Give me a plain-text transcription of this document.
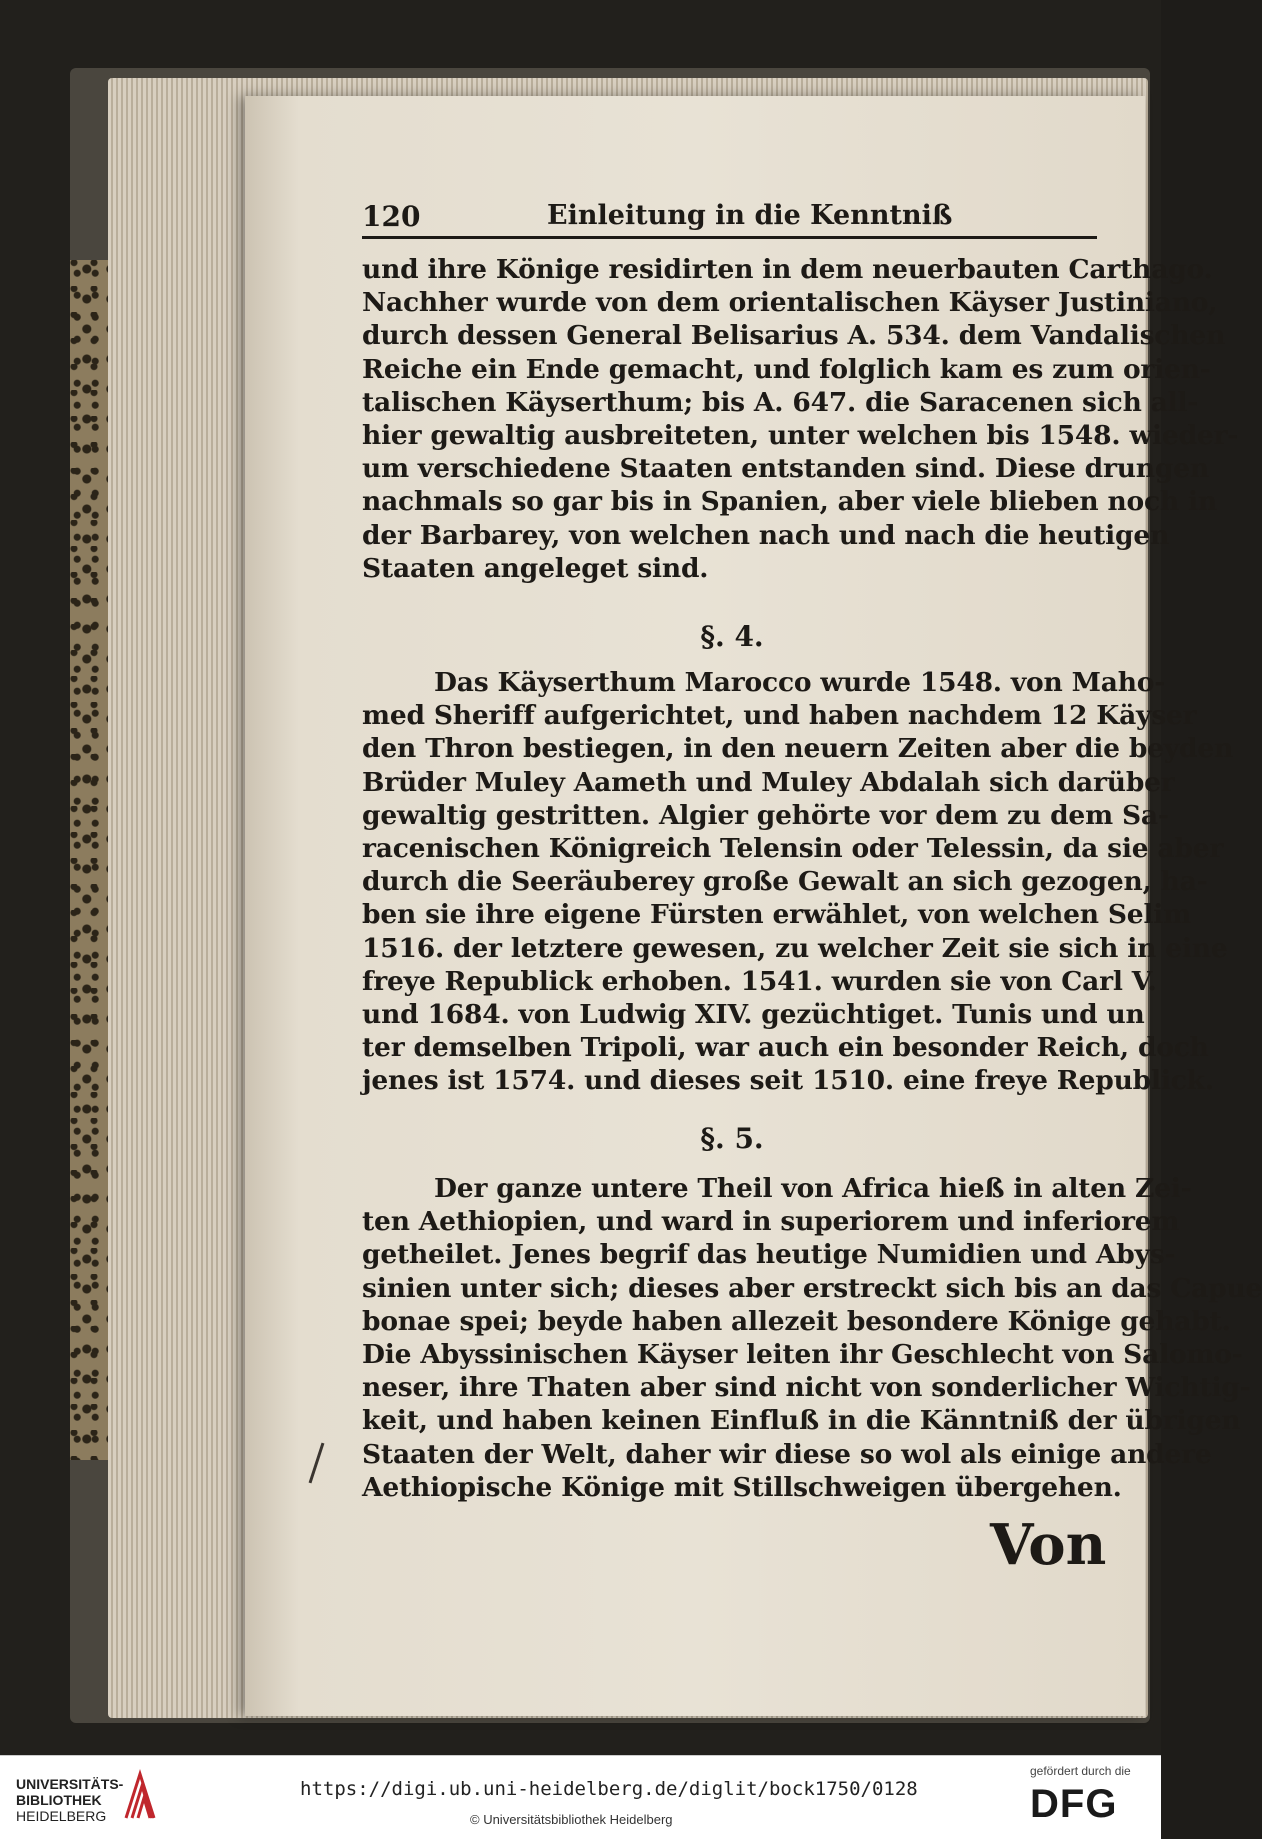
120	Einleitung in die Kenntniß
und ihre Könige residirten in dem neuerbauten Carthago.
Nachher wurde von dem orientalischen Käyser Justiniano,
durch dessen General Belisarius A. 534. dem Vandalischen
Reiche ein Ende gemacht, und folglich kam es zum orien-
talischen Käyserthum; bis A. 647. die Saracenen sich all-
hier gewaltig ausbreiteten, unter welchen bis 1548. wieder-
um verschiedene Staaten entstanden sind. Diese drungen
nachmals so gar bis in Spanien, aber viele blieben noch in
der Barbarey, von welchen nach und nach die heutigen
Staaten angeleget sind.
§. 4.
Das Käyserthum Marocco wurde 1548. von Maho-
med Sheriff aufgerichtet, und haben nachdem 12 Käyser
den Thron bestiegen, in den neuern Zeiten aber die beyden
Brüder Muley Aameth und Muley Abdalah sich darüber
gewaltig gestritten. Algier gehörte vor dem zu dem Sa-
racenischen Königreich Telensin oder Telessin, da sie aber
durch die Seeräuberey große Gewalt an sich gezogen, ha-
ben sie ihre eigene Fürsten erwählet, von welchen Selim
1516. der letztere gewesen, zu welcher Zeit sie sich in eine
freye Republick erhoben. 1541. wurden sie von Carl V.
und 1684. von Ludwig XIV. gezüchtiget. Tunis und un
ter demselben Tripoli, war auch ein besonder Reich, doch
jenes ist 1574. und dieses seit 1510. eine freye Republick.
§. 5.
Der ganze untere Theil von Africa hieß in alten Zei-
ten Aethiopien, und ward in superiorem und inferiorem
getheilet. Jenes begrif das heutige Numidien und Abys-
sinien unter sich; dieses aber erstreckt sich bis an das Capue
bonae spei; beyde haben allezeit besondere Könige gehabt.
Die Abyssinischen Käyser leiten ihr Geschlecht von Salomo-
neser, ihre Thaten aber sind nicht von sonderlicher Wichtig-
keit, und haben keinen Einfluß in die Känntniß der übrigen
Staaten der Welt, daher wir diese so wol als einige andere
Aethiopische Könige mit Stillschweigen übergehen.
Von
UNIVERSITÄTS-
BIBLIOTHEK
HEIDELBERG
https://digi.ub.uni-heidelberg.de/diglit/bock1750/0128
© Universitätsbibliothek Heidelberg
gefördert durch die
DFG
